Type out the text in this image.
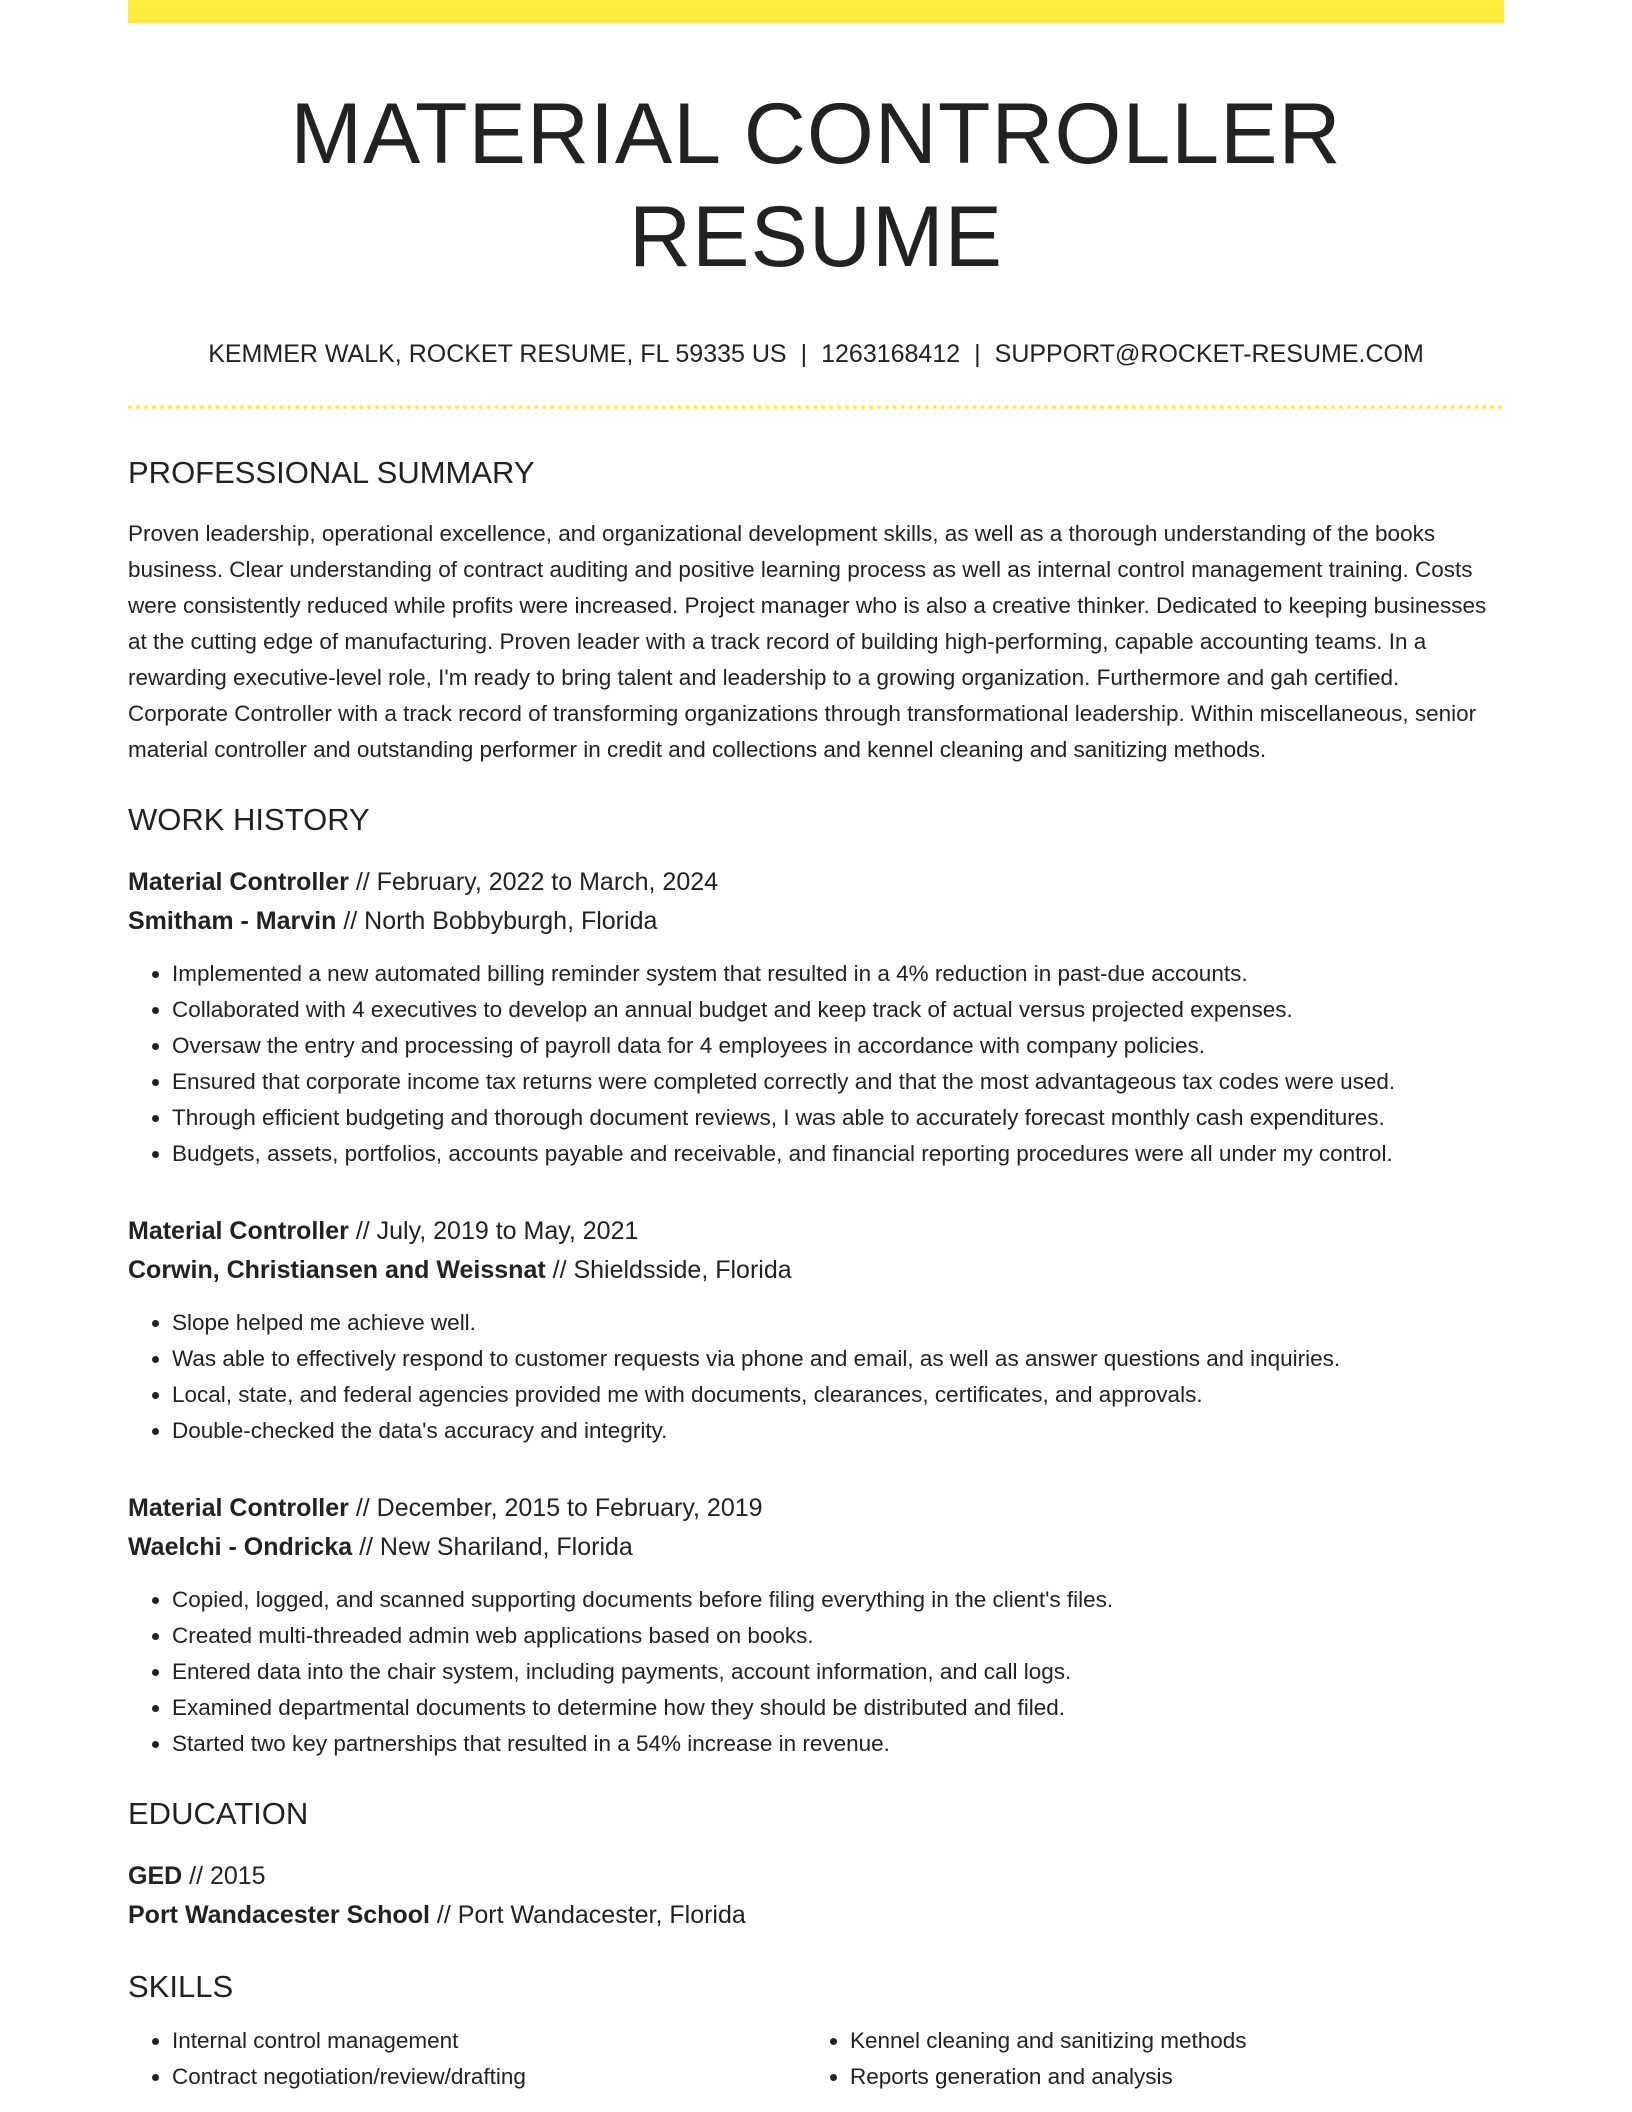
MATERIAL CONTROLLER RESUME
KEMMER WALK, ROCKET RESUME, FL 59335 US | 1263168412 | SUPPORT@ROCKET-RESUME.COM
PROFESSIONAL SUMMARY

Proven leadership, operational excellence, and organizational development skills, as well as a thorough understanding of the books business. Clear understanding of contract auditing and positive learning process as well as internal control management training. Costs were consistently reduced while profits were increased. Project manager who is also a creative thinker. Dedicated to keeping businesses at the cutting edge of manufacturing. Proven leader with a track record of building high-performing, capable accounting teams. In a rewarding executive-level role, I'm ready to bring talent and leadership to a growing organization. Furthermore and gah certified. Corporate Controller with a track record of transforming organizations through transformational leadership. Within miscellaneous, senior material controller and outstanding performer in credit and collections and kennel cleaning and sanitizing methods.

WORK HISTORY
Material Controller // February, 2022 to March, 2024
Smitham - Marvin // North Bobbyburgh, Florida
• Implemented a new automated billing reminder system that resulted in a 4% reduction in past-due accounts.
• Collaborated with 4 executives to develop an annual budget and keep track of actual versus projected expenses.
• Oversaw the entry and processing of payroll data for 4 employees in accordance with company policies.
• Ensured that corporate income tax returns were completed correctly and that the most advantageous tax codes were used.
• Through efficient budgeting and thorough document reviews, I was able to accurately forecast monthly cash expenditures.
• Budgets, assets, portfolios, accounts payable and receivable, and financial reporting procedures were all under my control.
Material Controller // July, 2019 to May, 2021
Corwin, Christiansen and Weissnat // Shieldsside, Florida
• Slope helped me achieve well.
• Was able to effectively respond to customer requests via phone and email, as well as answer questions and inquiries.
• Local, state, and federal agencies provided me with documents, clearances, certificates, and approvals.
• Double-checked the data's accuracy and integrity.
Material Controller // December, 2015 to February, 2019
Waelchi - Ondricka // New Shariland, Florida
• Copied, logged, and scanned supporting documents before filing everything in the client's files.
• Created multi-threaded admin web applications based on books.
• Entered data into the chair system, including payments, account information, and call logs.
• Examined departmental documents to determine how they should be distributed and filed.
• Started two key partnerships that resulted in a 54% increase in revenue.
EDUCATION
GED // 2015
Port Wandacester School // Port Wandacester, Florida
SKILLS
• Internal control management
• Contract negotiation/review/drafting
• Kennel cleaning and sanitizing methods
• Reports generation and analysis
